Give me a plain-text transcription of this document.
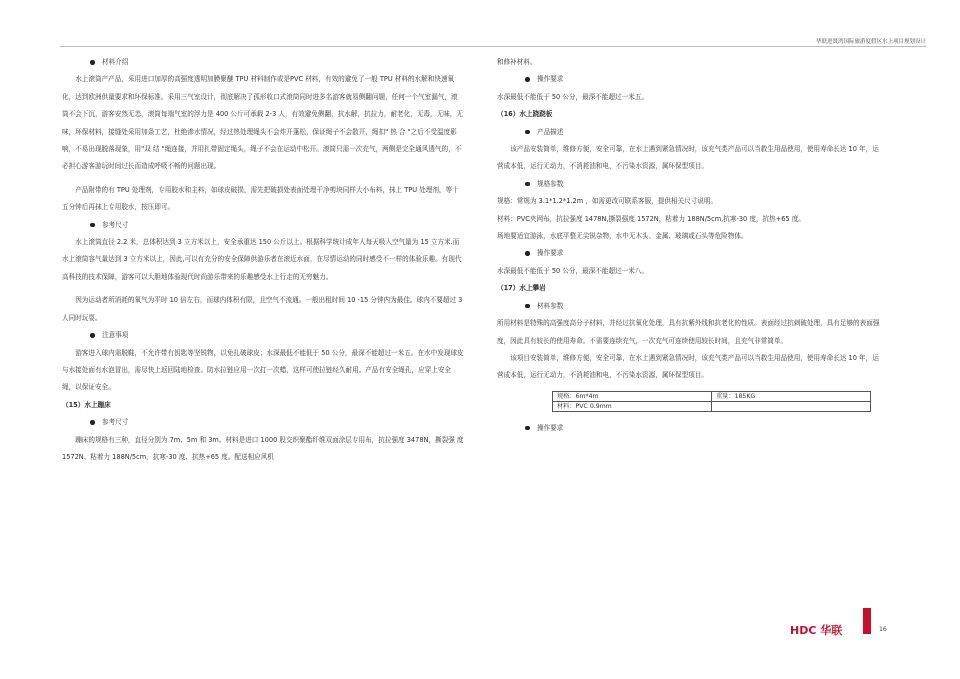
华联进贤湾国际旅游度假区水上项目规划设计
材料介绍

水上滚筒产产品，采用进口加厚的高强度透明加膜聚醚 TPU 材料制作或是PVC 材料，有效的避免了一般 TPU 材料的水解和快速氧化，达到欧洲供量要求和环保标准。采用三气室设计，彻底解决了孤形收口式滚筒同时进多名游客就易侧翻问题，任何一个气室漏气，滚筒不会下沉，游客安然无恙，滚筒每端气室的浮力是 400 公斤可承载 2-3 人，有效避免侧翻，抗水解，抗拉力，耐老化，无毒，无味，无味，环保材料，接缝处采用加条工艺，杜绝渗水情况，经过热处理绳头不会炸开蓬松，保证绳子不会散开，绳扣" 热 合 "之后不受温度影响，不易出现脱落现象，用"双 结 "绳连接，并用扎带固定绳头，绳子不会在运动中松开。滚筒只需一次充气，两侧是完全通风透气的，不必担心游客游玩时间过长而造成呼吸不畅的问题出现。

产品附带的有 TPU 处理剂，专用胶水和主料，如球皮破损，需先把破损处表面处理干净剪块同样大小布料，抹上 TPU 处理剂，等十五分钟后再抹上专用胶水，按压即可。

参考尺寸

水上滚筒直径 2.2 米，总体积达到 3 立方米以上，安全承重达 150 公斤以上。根据科学统计成年人每天吸入空气量为 15 立方米.而水上滚筒容气量达到 3 立方米以上，因此,可以有充分的安全保障供游乐者在滚近水面，在尽情运动的同时感受不一样的体验乐趣。有现代高科技的技术保障，游客可以大胆地体验现代时尚游乐带来的乐趣感受水上行走的无穷魅力。

因为运动者所消耗的氧气为平时 10 倍左右，而球内体积有限，且空气不流通。一般出租时间 10 -15 分钟内为最佳。球内不要超过 3 人同时玩耍。

注意事项

游客进入球内需脱鞋，不允许带有钥匙等坚锐物，以免扎破球皮；水深最低不能低于 50 公分，最深不能超过一米五。在水中发现球皮与水接处面有水泡冒出，需尽快上返回陆地检查。防水拉链应用一次打一次蜡，这样可使拉链经久耐用。产品有安全绳孔，应穿上安全绳，以保证安全。

（15）水上蹦床

参考尺寸

蹦床的规格有三种，直径分别为 7m、5m 和 3m。材料是进口 1000 股交织聚酯纤维双面涂层专用布，抗拉强度 3478N，撕裂强 度 1572N、粘着力 188N/5cm，抗寒-30 度、抗热+65 度。配送相应风机

和修补材料。

操作要求

水深最低不能低于 50 公分，最深不能超过一米五。

（16）水上跷跷板

产品描述

该产品安装简单，维修方便，安全可靠，在水上遇到紧急情况时，该充气类产品可以当救生用品使用，使用寿命长达 10 年，运营成本低，运行无动力，不消耗油和电，不污染水资源，属环保型项目。

规格参数

规格：常规为 3.1*1.2*1.2m ，如需更改可联系客服，提供相关尺寸说明。

材料：PVC夹网布，抗拉强度 1478N,撕裂强度 1572N，粘着力 188N/5cm,抗寒-30 度，抗热+65 度。

场地要适宜游泳，水底平整无尖锐杂物，水中无木头、金属、玻璃或石头等危险物体。

操作要求

水深最低不能低于 50 公分，最深不能超过一米八。

（17）水上攀岩

材料参数

所用材料是特殊的高强度高分子材料，并经过抗氧化处理，具有抗紫外线和抗老化的性质。表面经过抗刺破处理，具有足够的表面强度，因此具有较长的使用寿命。不需要连续充气，一次充气可连续使用较长时间，且充气非常简单。

该项目安装简单，维修方便，安全可靠，在水上遇到紧急情况时，该充气类产品可以当救生用品使用，使用寿命长达 10 年，运营成本低，运行无动力，不消耗油和电，不污染水资源，属环保型项目。

规格：6m*4m	重量：185KG
材料：PVC 0.9mm	
操作要求
HDC 华联	16
